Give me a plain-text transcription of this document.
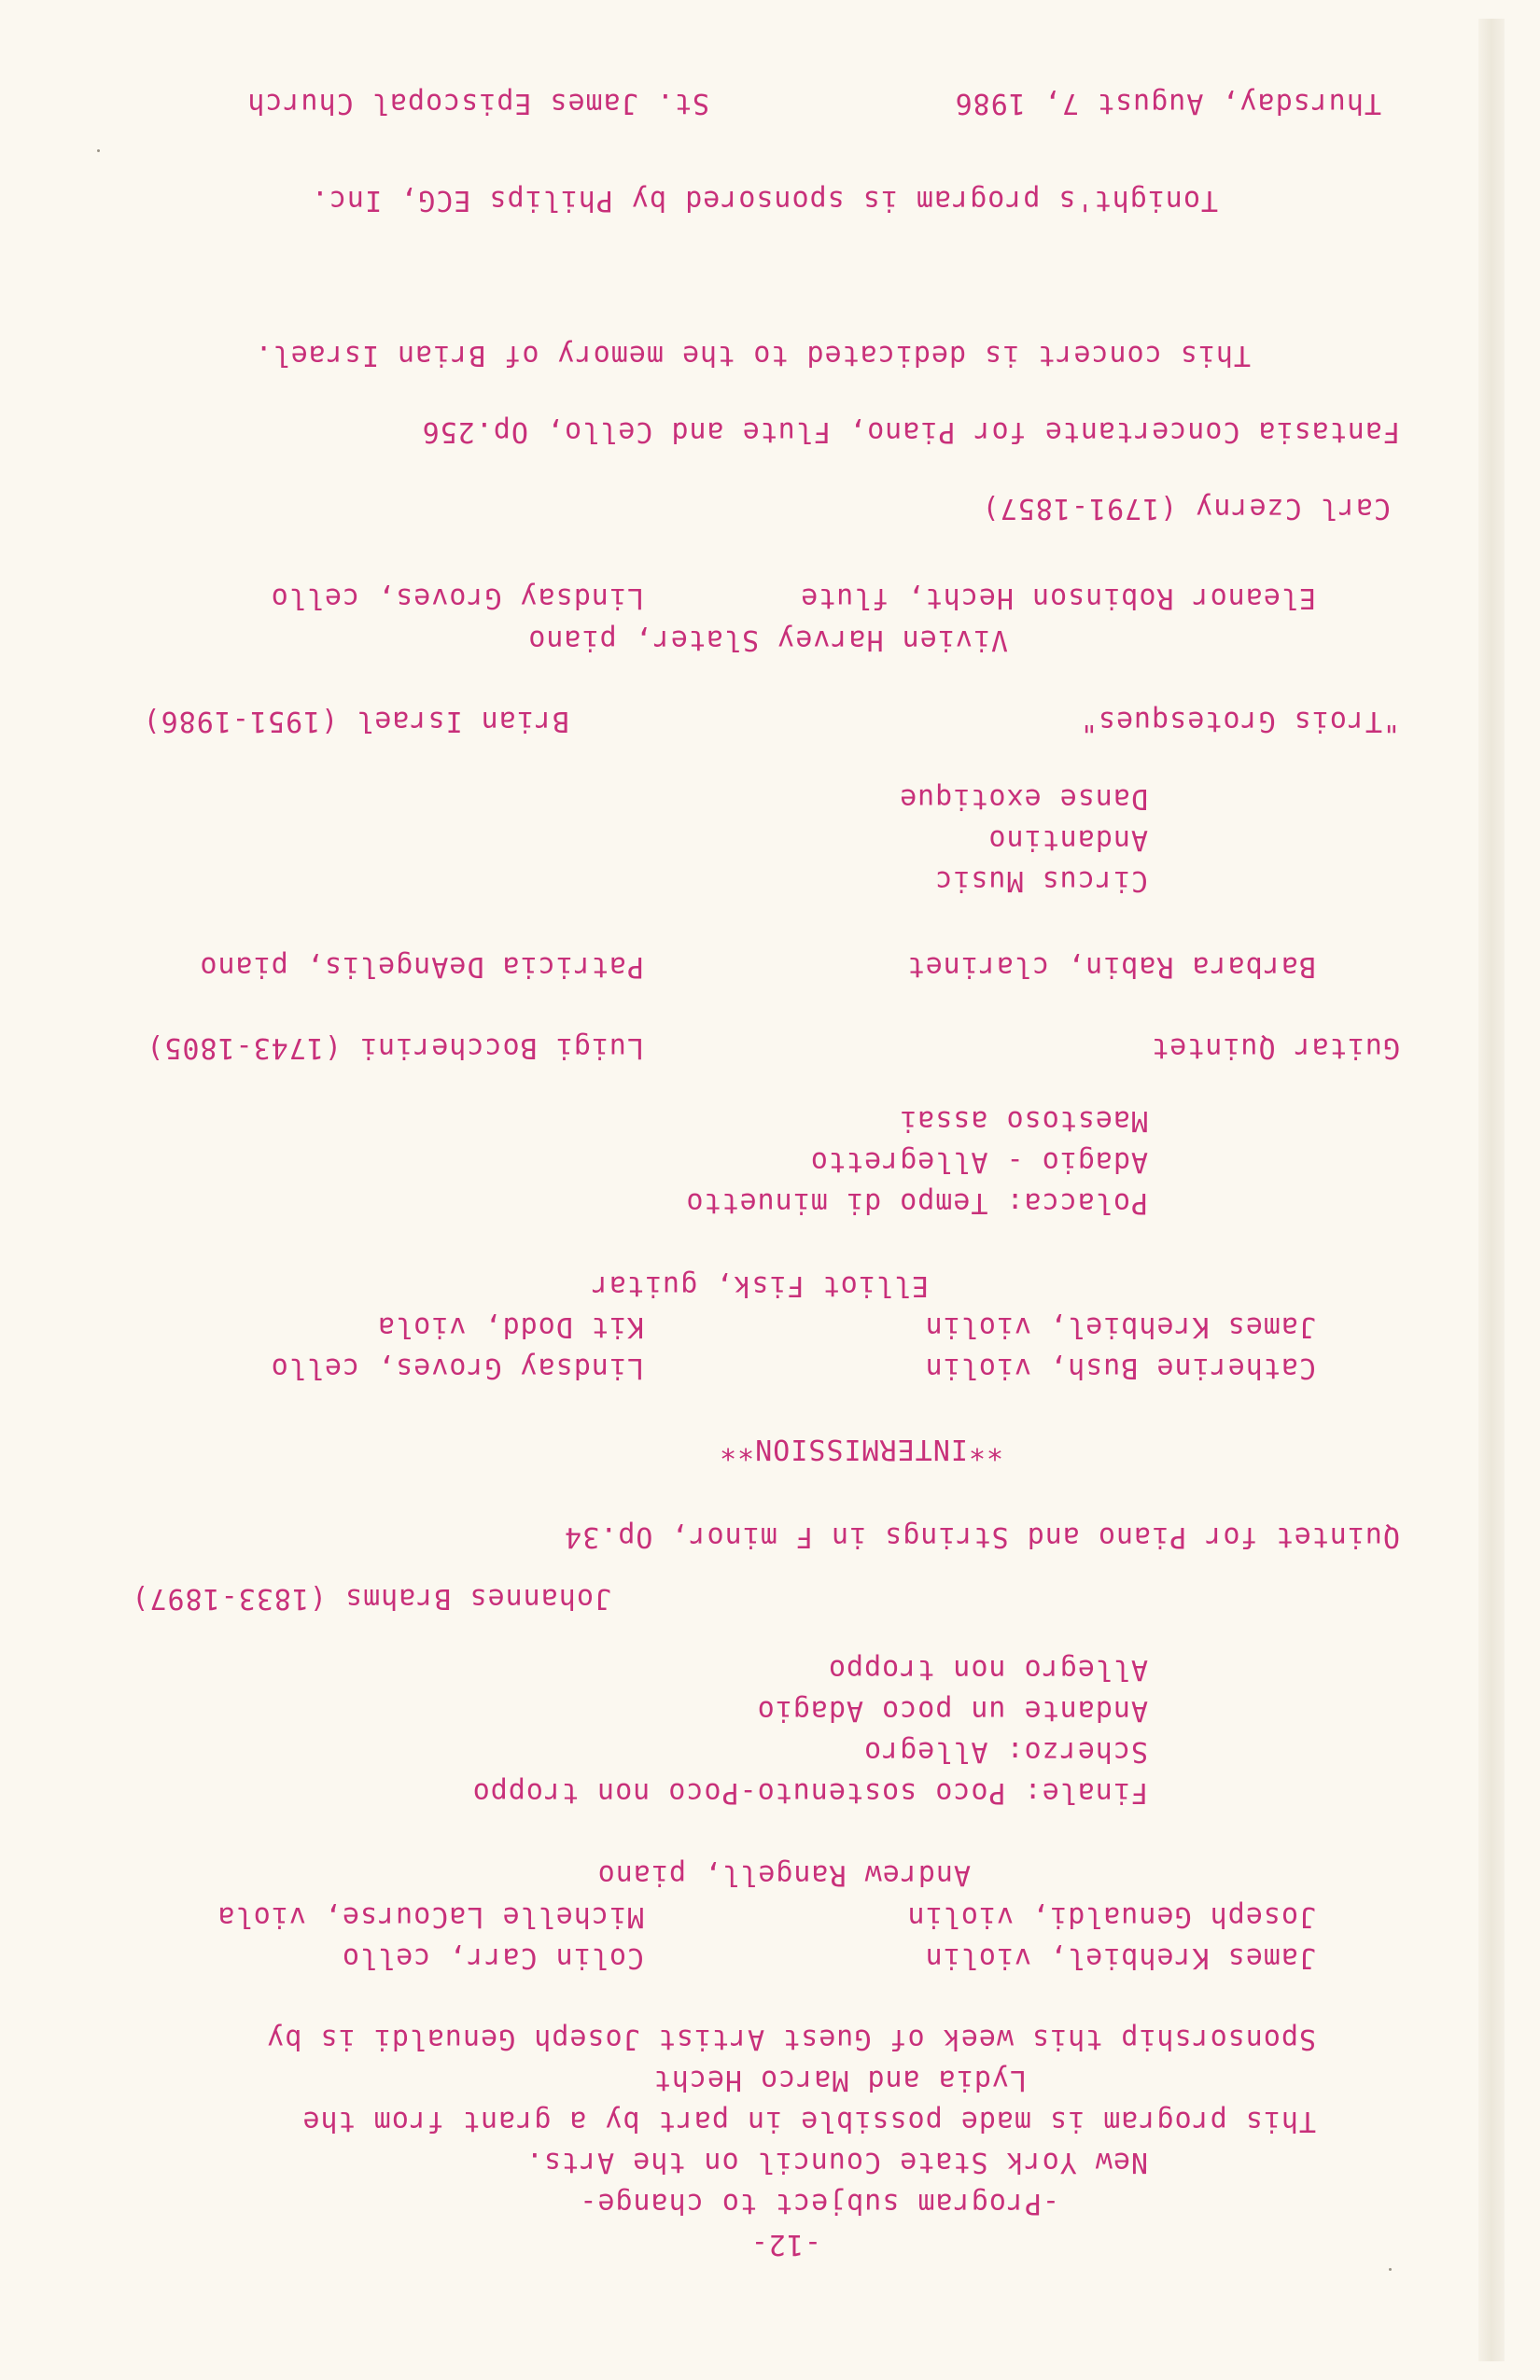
Thursday, August 7, 1986
St. James Episcopal Church
Tonight's program is sponsored by Philips ECG, Inc.
This concert is dedicated to the memory of Brian Israel.
Fantasia Concertante for Piano, Flute and Cello, Op.256
Carl Czerny (1791-1857)
Eleanor Robinson Hecht, flute
Lindsay Groves, cello
Vivien Harvey Slater, piano
"Trois Grotesques"
Brian Israel (1951-1986)
Danse exotique
Andantino
Circus Music
Barbara Rabin, clarinet
Patricia DeAngelis, piano
Guitar Quintet
Luigi Boccherini (1743-1805)
Maestoso assai
Adagio - Allegretto
Polacca: Tempo di minuetto
Elliot Fisk, guitar
James Krehbiel, violin
Kit Dodd, viola
Catherine Bush, violin
Lindsay Groves, cello
**INTERMISSION**
Quintet for Piano and Strings in F minor, Op.34
Johannes Brahms (1833-1897)
Allegro non troppo
Andante un poco Adagio
Scherzo: Allegro
Finale: Poco sostenuto-Poco non troppo
Andrew Rangell, piano
Joseph Genualdi, violin
Michelle LaCourse, viola
James Krehbiel, violin
Colin Carr, cello
Sponsorship this week of Guest Artist Joseph Genualdi is by
Lydia and Marco Hecht
This program is made possible in part by a grant from the
New York State Council on the Arts.
-Program subject to change-
-12-
